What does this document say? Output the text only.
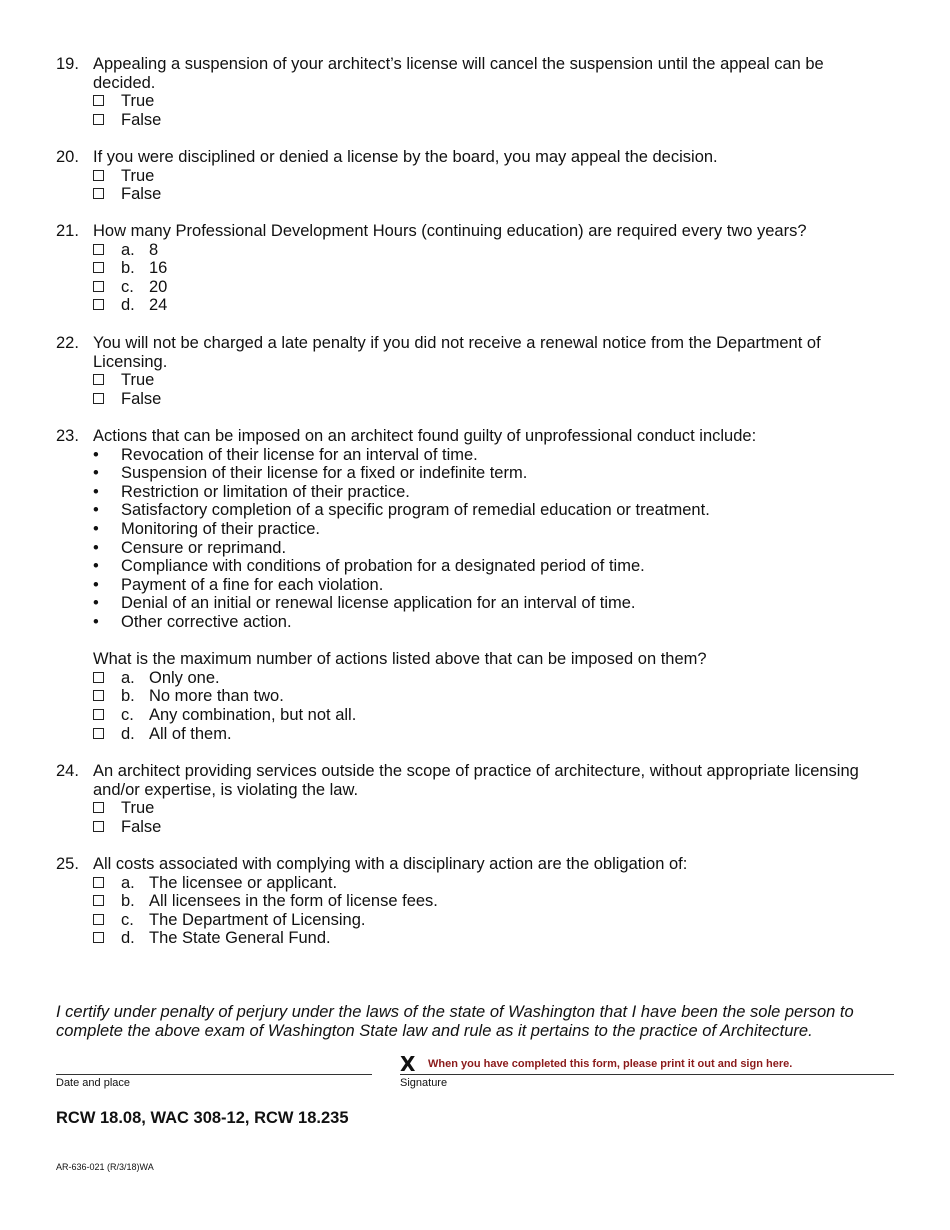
19. Appealing a suspension of your architect’s license will cancel the suspension until the appeal can be
decided.
True
False
20. If you were disciplined or denied a license by the board, you may appeal the decision.
True
False
21. How many Professional Development Hours (continuing education) are required every two years?
a. 8
b. 16
c. 20
d. 24
22. You will not be charged a late penalty if you did not receive a renewal notice from the Department of
Licensing.
True
False
23. Actions that can be imposed on an architect found guilty of unprofessional conduct include:
• Revocation of their license for an interval of time.
• Suspension of their license for a fixed or indefinite term.
• Restriction or limitation of their practice.
• Satisfactory completion of a specific program of remedial education or treatment.
• Monitoring of their practice.
• Censure or reprimand.
• Compliance with conditions of probation for a designated period of time.
• Payment of a fine for each violation.
• Denial of an initial or renewal license application for an interval of time.
• Other corrective action.
What is the maximum number of actions listed above that can be imposed on them?
a. Only one.
b. No more than two.
c. Any combination, but not all.
d. All of them.
24. An architect providing services outside the scope of practice of architecture, without appropriate licensing
and/or expertise, is violating the law.
True
False
25. All costs associated with complying with a disciplinary action are the obligation of:
a. The licensee or applicant.
b. All licensees in the form of license fees.
c. The Department of Licensing.
d. The State General Fund.
I certify under penalty of perjury under the laws of the state of Washington that I have been the sole person to
complete the above exam of Washington State law and rule as it pertains to the practice of Architecture.
Date and place
X When you have completed this form, please print it out and sign here.
Signature
RCW 18.08, WAC 308-12, RCW 18.235
AR-636-021 (R/3/18)WA
